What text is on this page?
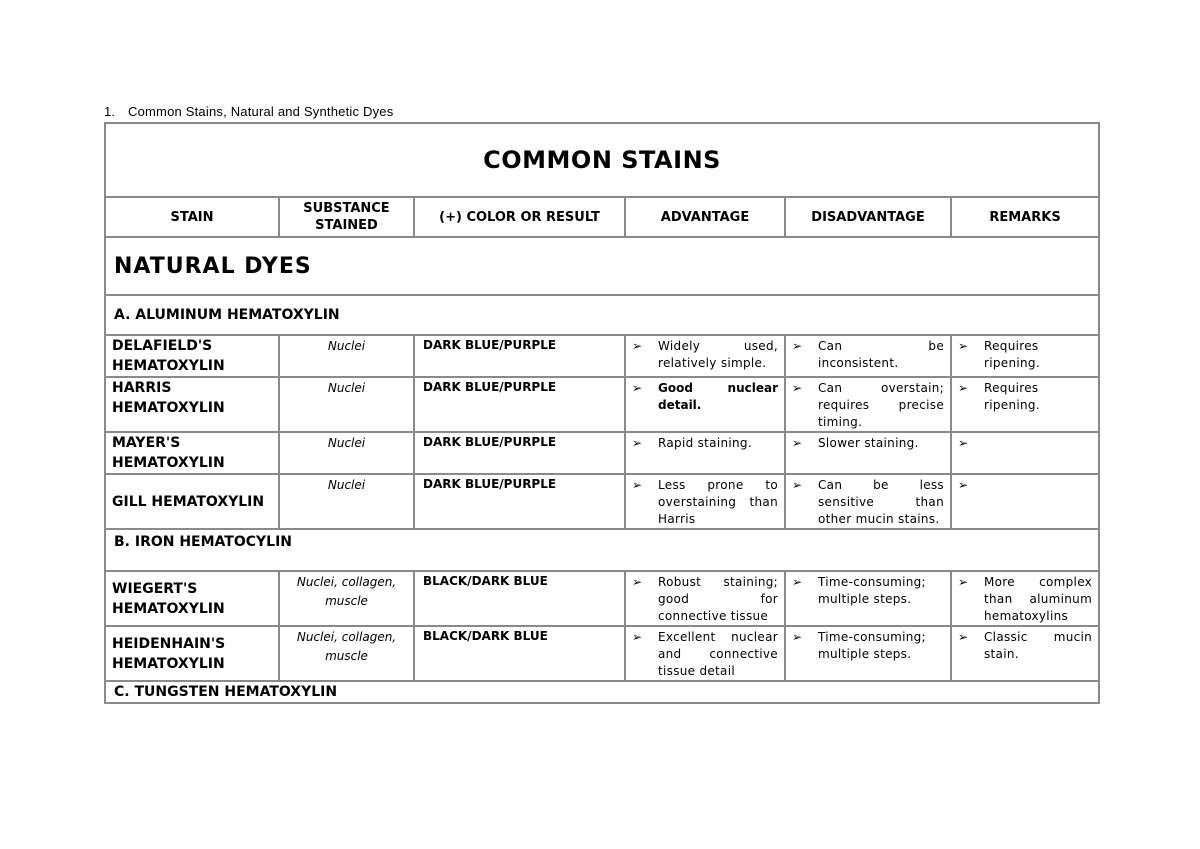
1. Common Stains, Natural and Synthetic Dyes
COMMON STAINS					
STAIN	SUBSTANCE STAINED	(+) COLOR OR RESULT	ADVANTAGE	DISADVANTAGE	REMARKS
NATURAL DYES					
A. ALUMINUM HEMATOXYLIN					
DELAFIELD'S HEMATOXYLIN	Nuclei	DARK BLUE/PURPLE	➢ Widely used, relatively simple.	➢ Can be inconsistent.	➢ Requires ripening.

HARRIS HEMATOXYLIN	Nuclei	DARK BLUE/PURPLE	➢ Good nuclear detail.	➢ Can overstain; requires precise timing.	➢ Requires ripening.

MAYER'S HEMATOXYLIN	Nuclei	DARK BLUE/PURPLE	➢ Rapid staining.	➢ Slower staining.	➢

GILL HEMATOXYLIN	Nuclei	DARK BLUE/PURPLE	➢ Less prone to overstaining than Harris	➢ Can be less sensitive than other mucin stains.	➢

B. IRON HEMATOCYLIN					
WIEGERT'S HEMATOXYLIN	Nuclei, collagen, muscle	BLACK/DARK BLUE	➢ Robust staining; good for connective tissue	➢ Time-consuming; multiple steps.	➢ More complex than aluminum hematoxylins

HEIDENHAIN'S HEMATOXYLIN	Nuclei, collagen, muscle	BLACK/DARK BLUE	➢ Excellent nuclear and connective tissue detail	➢ Time-consuming; multiple steps.	➢ Classic mucin stain.

C. TUNGSTEN HEMATOXYLIN					
